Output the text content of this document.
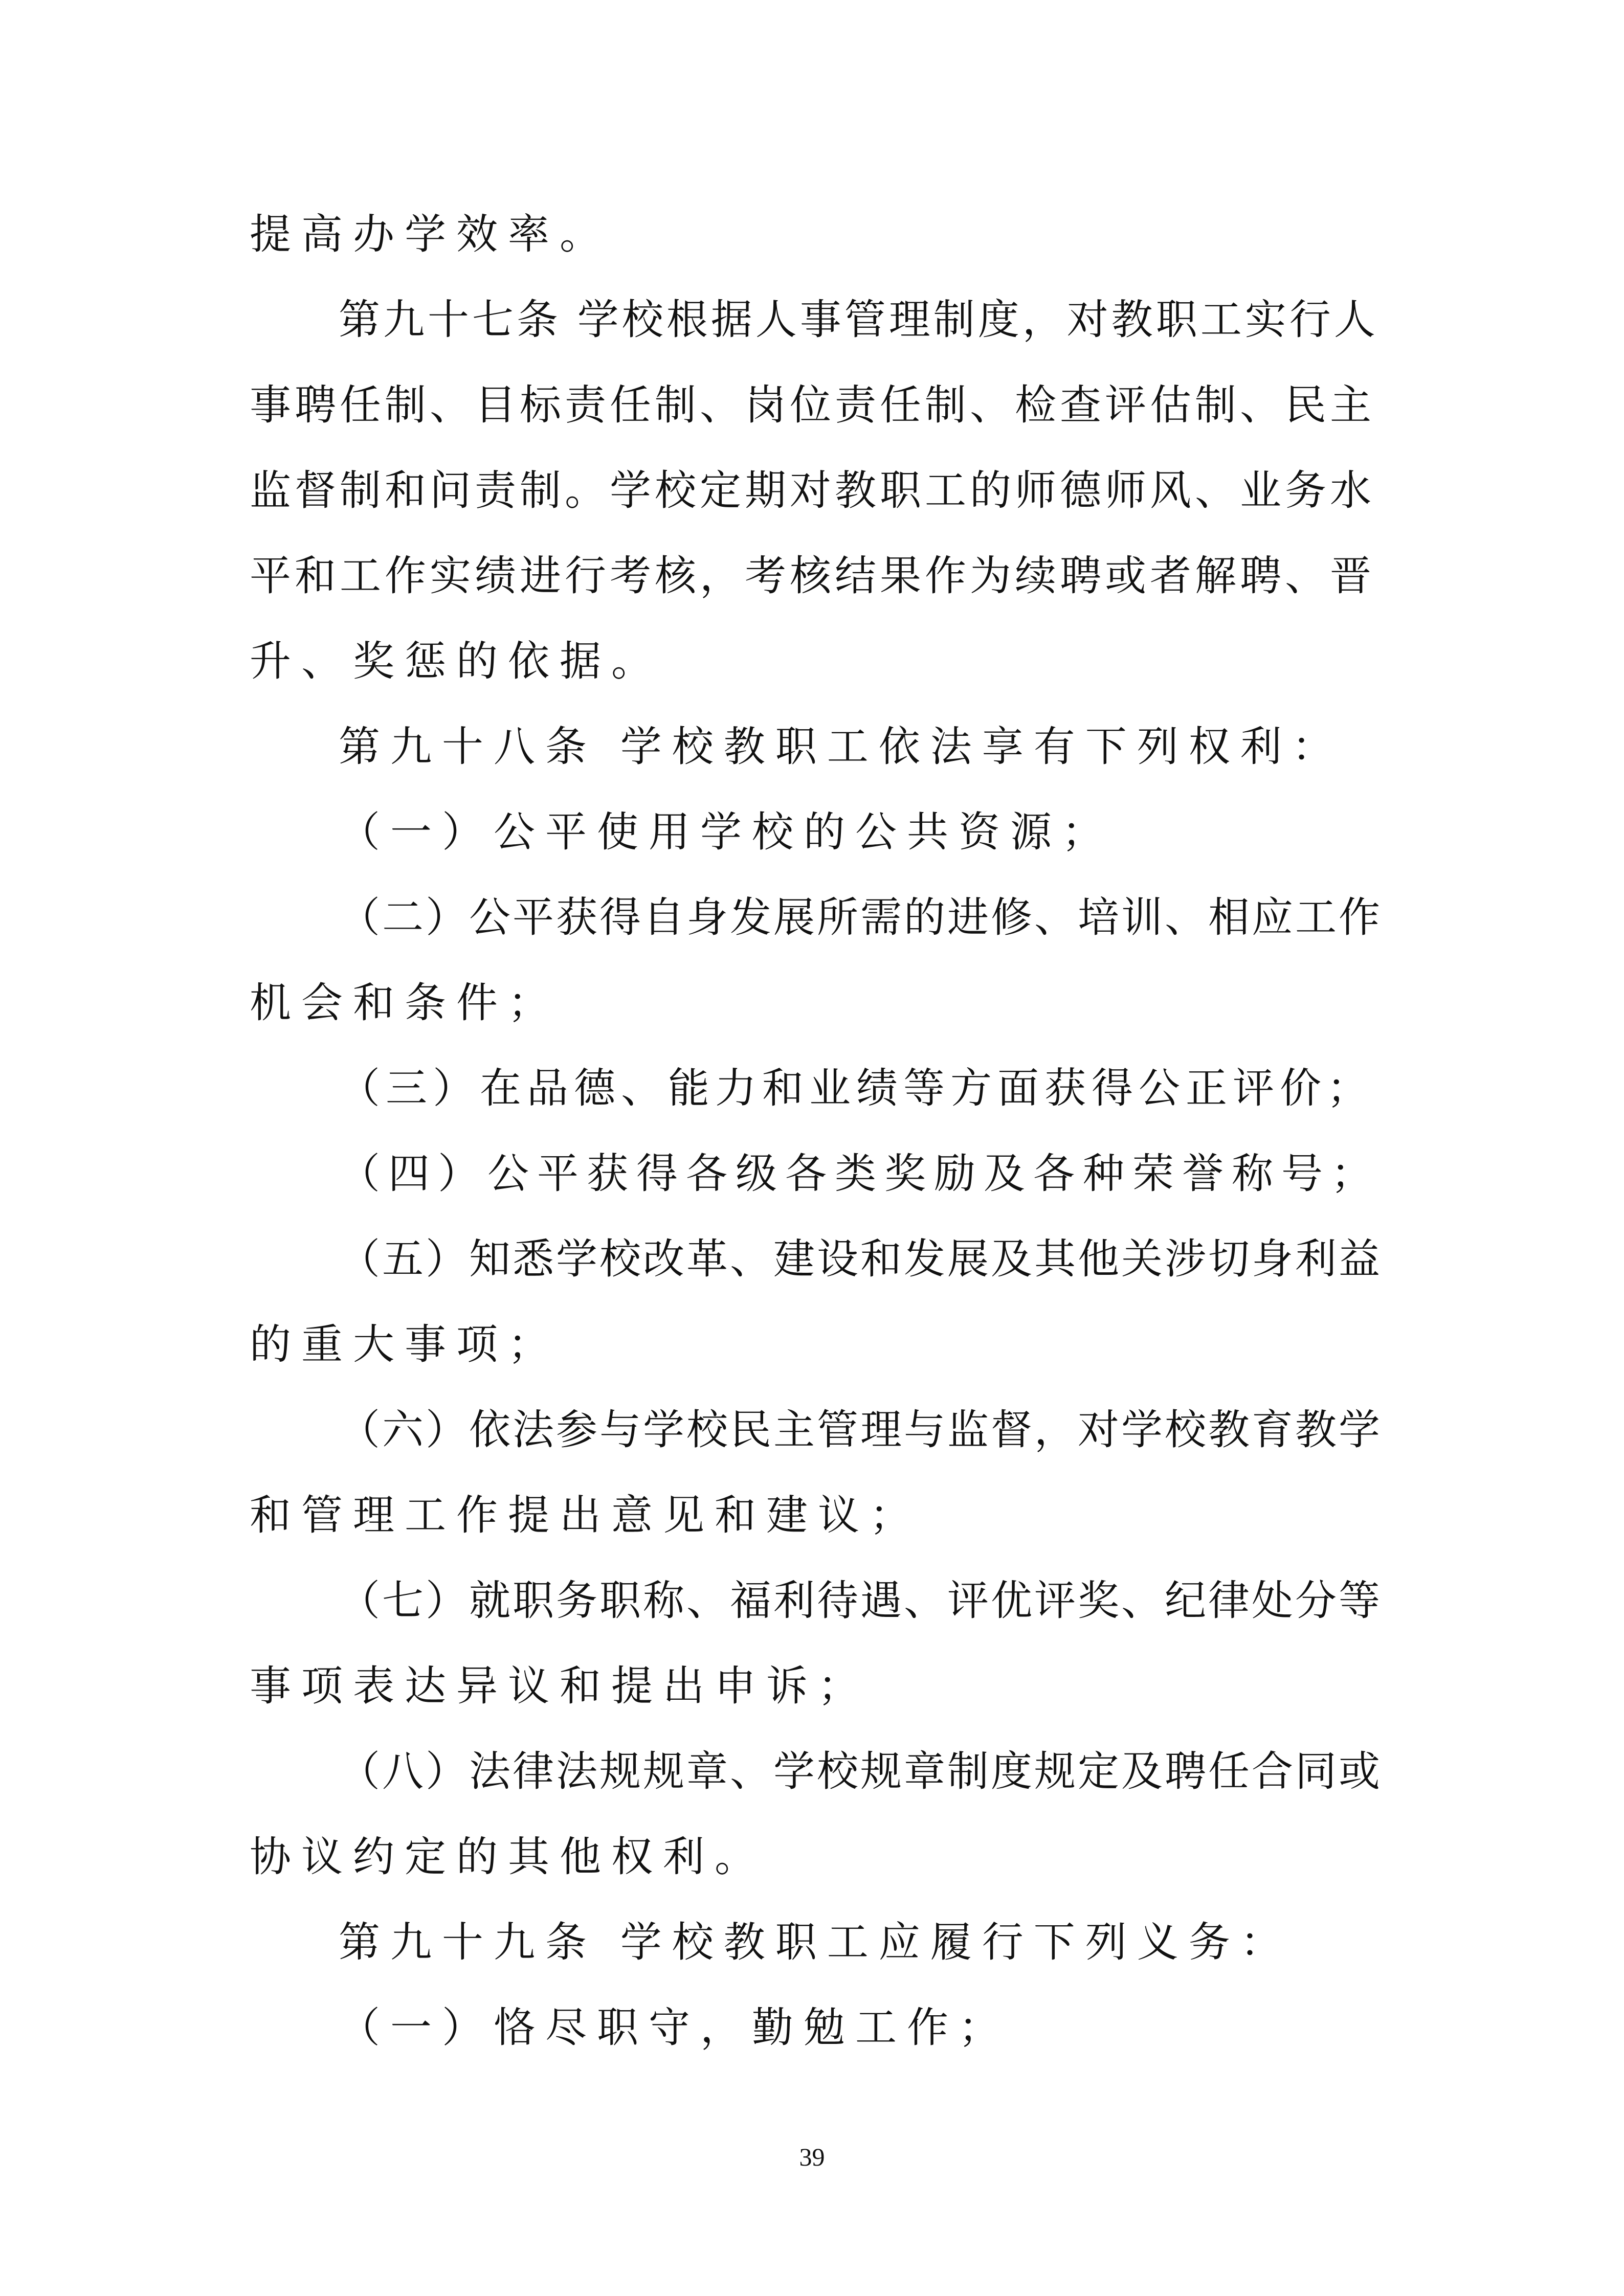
提高办学效率。
第九十七条 学校根据人事管理制度，对教职工实行人
事聘任制、目标责任制、岗位责任制、检查评估制、民主
监督制和问责制。学校定期对教职工的师德师风、业务水
平和工作实绩进行考核，考核结果作为续聘或者解聘、晋
升、奖惩的依据。
第九十八条 学校教职工依法享有下列权利：
（一）公平使用学校的公共资源；
（二）公平获得自身发展所需的进修、培训、相应工作
机会和条件；
（三）在品德、能力和业绩等方面获得公正评价；
（四）公平获得各级各类奖励及各种荣誉称号；
（五）知悉学校改革、建设和发展及其他关涉切身利益
的重大事项；
（六）依法参与学校民主管理与监督，对学校教育教学
和管理工作提出意见和建议；
（七）就职务职称、福利待遇、评优评奖、纪律处分等
事项表达异议和提出申诉；
（八）法律法规规章、学校规章制度规定及聘任合同或
协议约定的其他权利。
第九十九条 学校教职工应履行下列义务：
（一）恪尽职守，勤勉工作；
39
